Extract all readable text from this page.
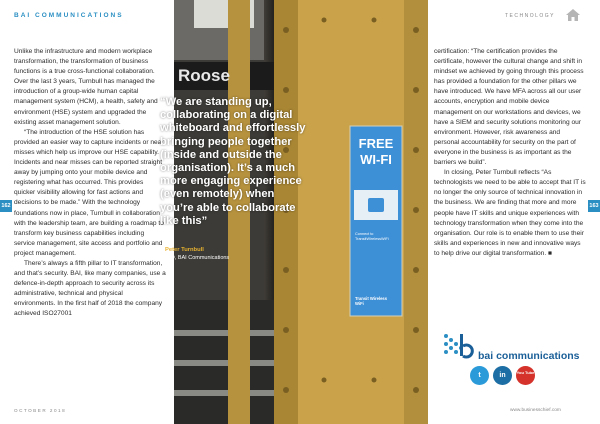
BAI COMMUNICATIONS	TECHNOLOGY

Unlike the infrastructure and modern workplace transformation, the transformation of business functions is a true cross-functional collaboration. Over the last 3 years, Turnbull has managed the introduction of a group-wide human capital management system (HCM), a health, safety and environment (HSE) system and upgraded the existing asset management solution.

“The introduction of the HSE solution has provided an easier way to capture incidents or near misses which help us improve our HSE capability. Incidents and near misses can be reported straight away by jumping onto your mobile device and registering what has occurred. This provides quicker visibility allowing for fast actions and decisions to be made.” With the technology foundations now in place, Turnbull in collaboration with the leadership team, are building a roadmap to transform key business capabilities including service management, site access and portfolio and project management.

There’s always a fifth pillar to IT transformation, and that’s security. BAI, like many companies, use a defence-in-depth approach to security across its administrative, technical and physical environments. In the first half of 2018 the company achieved ISO27001

Roose
FREE
WI-FI
Connect to TransitWirelessWiFi
Transit Wireless WiFi
“We are standing up, collaborating on a digital whiteboard and effortlessly bringing people together (inside and outside the organisation). It’s a much more engaging experience (even remotely) when you’re able to collaborate like this”
Peter Turnbull
CIO, BAI Communications
162	163

certification: “The certification provides the certificate, however the cultural change and shift in mindset we achieved by going through this process has provided a foundation for the other pillars we have introduced. We have MFA across all our user accounts, encryption and mobile device management on our workstations and devices, we have a SIEM and security solutions monitoring our environment. However, risk awareness and personal accountability for security on the part of everyone in the business is as important as the barriers we build”.

In closing, Peter Turnbull reflects “As technologists we need to be able to accept that IT is no longer the only source of technical innovation in the business. We are finding that more and more people have IT skills and unique experiences with technology transformation when they come into the organisation. Our role is to enable them to use their skills and experiences in new and innovative ways to help drive our digital transformation. ■

bai communications
t	in	You Tube
OCTOBER 2018	www.businesschief.com
